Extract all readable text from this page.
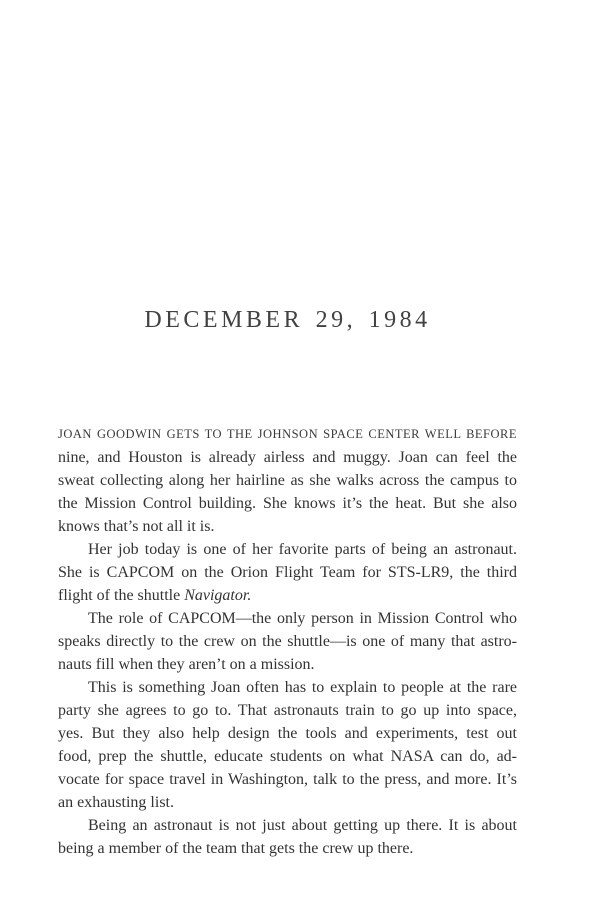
DECEMBER 29, 1984
JOAN GOODWIN GETS TO THE JOHNSON SPACE CENTER WELL BEFORE
nine, and Houston is already airless and muggy. Joan can feel the
sweat collecting along her hairline as she walks across the campus to
the Mission Control building. She knows it’s the heat. But she also
knows that’s not all it is.
Her job today is one of her favorite parts of being an astronaut.
She is CAPCOM on the Orion Flight Team for STS-LR9, the third
flight of the shuttle Navigator.
The role of CAPCOM—the only person in Mission Control who
speaks directly to the crew on the shuttle—is one of many that astro-
nauts fill when they aren’t on a mission.
This is something Joan often has to explain to people at the rare
party she agrees to go to. That astronauts train to go up into space,
yes. But they also help design the tools and experiments, test out
food, prep the shuttle, educate students on what NASA can do, ad-
vocate for space travel in Washington, talk to the press, and more. It’s
an exhausting list.
Being an astronaut is not just about getting up there. It is about
being a member of the team that gets the crew up there.
